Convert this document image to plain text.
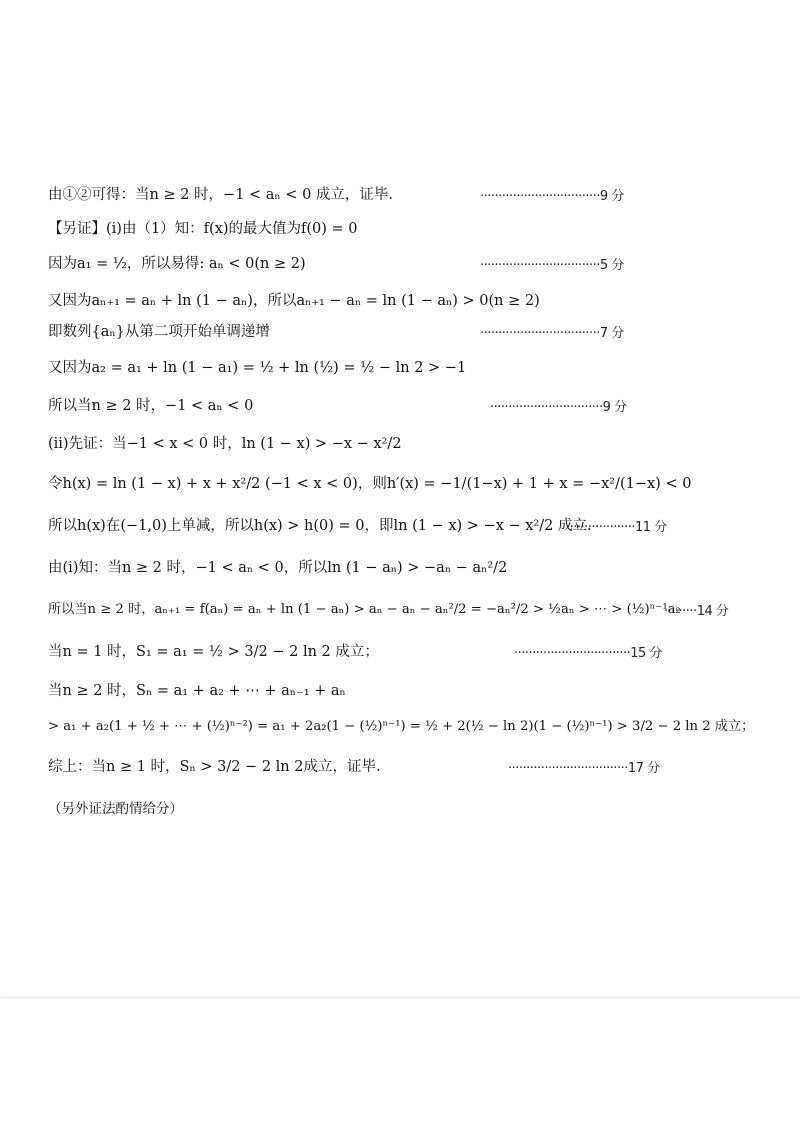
由①②可得：当n ≥ 2 时，−1 < aₙ < 0 成立，证毕.	·································9 分
【另证】(i)由（1）知：f(x)的最大值为f(0) = 0
因为a₁ = ½，所以易得: aₙ < 0(n ≥ 2)	·································5 分
又因为aₙ₊₁ = aₙ + ln (1 − aₙ)，所以aₙ₊₁ − aₙ = ln (1 − aₙ) > 0(n ≥ 2)
即数列{aₙ}从第二项开始单调递增	·································7 分
又因为a₂ = a₁ + ln (1 − a₁) = ½ + ln (½) = ½ − ln 2 > −1
所以当n ≥ 2 时，−1 < aₙ < 0	·······························9 分
(ii)先证：当−1 < x < 0 时，ln (1 − x) > −x − x²/2
令h(x) = ln (1 − x) + x + x²/2 (−1 < x < 0)，则h′(x) = −1/(1−x) + 1 + x = −x²/(1−x) < 0
所以h(x)在(−1,0)上单减，所以h(x) > h(0) = 0，即ln (1 − x) > −x − x²/2 成立.
···················11 分
由(i)知：当n ≥ 2 时，−1 < aₙ < 0，所以ln (1 − aₙ) > −aₙ − aₙ²/2
所以当n ≥ 2 时，aₙ₊₁ = f(aₙ) = aₙ + ln (1 − aₙ) > aₙ − aₙ − aₙ²/2 = −aₙ²/2 > ½aₙ > ⋯ > (½)ⁿ⁻¹a₂
·········14 分
当n = 1 时，S₁ = a₁ = ½ > 3/2 − 2 ln 2 成立；	································15 分
当n ≥ 2 时，Sₙ = a₁ + a₂ + ⋯ + aₙ₋₁ + aₙ
> a₁ + a₂(1 + ½ + ⋯ + (½)ⁿ⁻²) = a₁ + 2a₂(1 − (½)ⁿ⁻¹) = ½ + 2(½ − ln 2)(1 − (½)ⁿ⁻¹) > 3/2 − 2 ln 2 成立；
综上：当n ≥ 1 时，Sₙ > 3/2 − 2 ln 2成立，证毕.	·································17 分
（另外证法酌情给分）
